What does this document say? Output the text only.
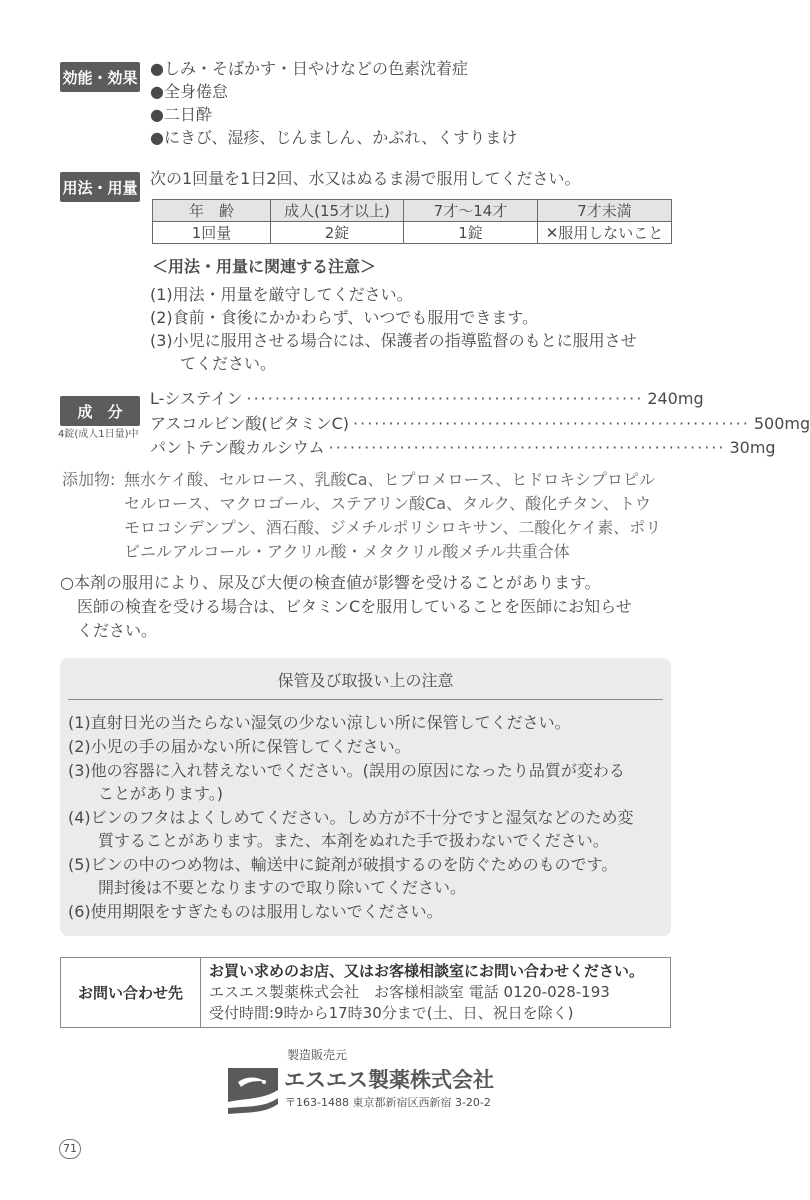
効能・効果 ●しみ・そばかす・日やけなどの色素沈着症
●全身倦怠
●二日酔
●にきび、湿疹、じんましん、かぶれ、くすりまけ
用法・用量 次の1回量を1日2回、水又はぬるま湯で服用してください。
年　齢	成人(15才以上)	7才～14才	7才未満
1回量	2錠	1錠	✕服用しないこと
＜用法・用量に関連する注意＞
(1)用法・用量を厳守してください。
(2)食前・食後にかかわらず、いつでも服用できます。
(3)小児に服用させる場合には、保護者の指導監督のもとに服用させ
てください。
成　分
4錠(成人1日量)中
L-システイン ························································ 240mg
アスコルビン酸(ビタミンC) ························································ 500mg
パントテン酸カルシウム ························································ 30mg
添加物: 無水ケイ酸、セルロース、乳酸Ca、ヒプロメロース、ヒドロキシプロピル
セルロース、マクロゴール、ステアリン酸Ca、タルク、酸化チタン、トウ
モロコシデンプン、酒石酸、ジメチルポリシロキサン、二酸化ケイ素、ポリ
ビニルアルコール・アクリル酸・メタクリル酸メチル共重合体
○本剤の服用により、尿及び大便の検査値が影響を受けることがあります。
医師の検査を受ける場合は、ビタミンCを服用していることを医師にお知らせ
ください。
保管及び取扱い上の注意
(1)直射日光の当たらない湿気の少ない涼しい所に保管してください。
(2)小児の手の届かない所に保管してください。
(3)他の容器に入れ替えないでください。(誤用の原因になったり品質が変わる
ことがあります。)
(4)ビンのフタはよくしめてください。しめ方が不十分ですと湿気などのため変
質することがあります。また、本剤をぬれた手で扱わないでください。
(5)ビンの中のつめ物は、輸送中に錠剤が破損するのを防ぐためのものです。
開封後は不要となりますので取り除いてください。
(6)使用期限をすぎたものは服用しないでください。
お問い合わせ先
お買い求めのお店、又はお客様相談室にお問い合わせください。
エスエス製薬株式会社　お客様相談室 電話 0120-028-193
受付時間:9時から17時30分まで(土、日、祝日を除く)
製造販売元
エスエス製薬株式会社
〒163-1488 東京都新宿区西新宿 3-20-2
71
